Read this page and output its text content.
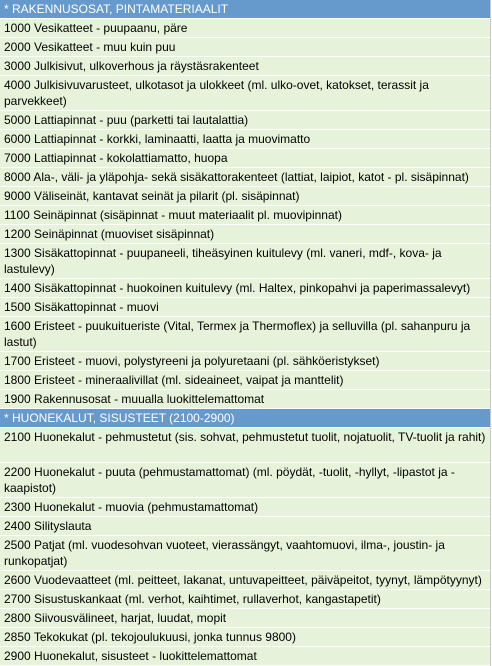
* RAKENNUSOSAT, PINTAMATERIAALIT
1000 Vesikatteet - puupaanu, päre
2000 Vesikatteet - muu kuin puu
3000 Julkisivut, ulkoverhous ja räystäsrakenteet
4000 Julkisivuvarusteet, ulkotasot ja ulokkeet (ml. ulko-ovet, katokset, terassit ja parvekkeet)
5000 Lattiapinnat - puu (parketti tai lautalattia)
6000 Lattiapinnat - korkki, laminaatti, laatta ja muovimatto
7000 Lattiapinnat - kokolattiamatto, huopa
8000 Ala-, väli- ja yläpohja- sekä sisäkattorakenteet (lattiat, laipiot, katot - pl. sisäpinnat)
9000 Väliseinät, kantavat seinät ja pilarit (pl. sisäpinnat)
1100 Seinäpinnat (sisäpinnat - muut materiaalit pl. muovipinnat)
1200 Seinäpinnat (muoviset sisäpinnat)
1300 Sisäkattopinnat - puupaneeli, tiheäsyinen kuitulevy (ml. vaneri, mdf-, kova- ja lastulevy)
1400 Sisäkattopinnat - huokoinen kuitulevy (ml. Haltex, pinkopahvi ja paperimassalevyt)
1500 Sisäkattopinnat - muovi
1600 Eristeet - puukuitueriste (Vital, Termex ja Thermoflex) ja selluvilla (pl. sahanpuru ja lastut)
1700 Eristeet - muovi, polystyreeni ja polyuretaani (pl. sähköeristykset)
1800 Eristeet - mineraalivillat (ml. sideaineet, vaipat ja manttelit)
1900 Rakennusosat - muualla luokittelemattomat
* HUONEKALUT, SISUSTEET (2100-2900)
2100 Huonekalut - pehmustetut (sis. sohvat, pehmustetut tuolit, nojatuolit, TV-tuolit ja rahit)
2200 Huonekalut - puuta (pehmustamattomat) (ml. pöydät, -tuolit, -hyllyt, -lipastot ja -kaapistot)
2300 Huonekalut - muovia (pehmustamattomat)
2400 Silityslauta
2500 Patjat (ml. vuodesohvan vuoteet, vierassängyt, vaahtomuovi, ilma-, joustin- ja runkopatjat)
2600 Vuodevaatteet (ml. peitteet, lakanat, untuvapeitteet, päiväpeitot, tyynyt, lämpötyynyt)
2700 Sisustuskankaat (ml. verhot, kaihtimet, rullaverhot, kangastapetit)
2800 Siivousvälineet, harjat, luudat, mopit
2850 Tekokukat (pl. tekojoulukuusi, jonka tunnus 9800)
2900 Huonekalut, sisusteet - luokittelemattomat
